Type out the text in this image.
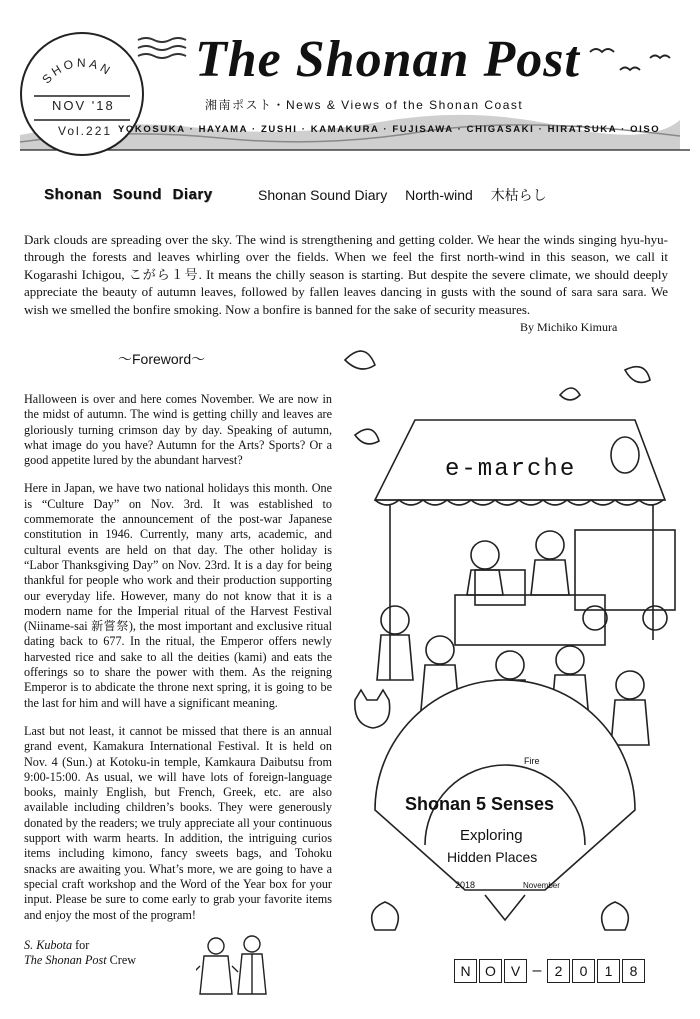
SHONAN
NOV '18
Vol.221
The Shonan Post
湘南ポスト・News & Views of the Shonan Coast
YOKOSUKA · HAYAMA · ZUSHI · KAMAKURA · FUJISAWA · CHIGASAKI · HIRATSUKA · OISO
Shonan Sound Diary	Shonan Sound Diary North-wind 木枯らし
Dark clouds are spreading over the sky. The wind is strengthening and getting colder. We hear the winds singing hyu-hyu- through the forests and leaves whirling over the fields. When we feel the first north-wind in this season, we call it Kogarashi Ichigou, こがら１号. It means the chilly season is starting. But despite the severe climate, we should deeply appreciate the beauty of autumn leaves, followed by fallen leaves dancing in gusts with the sound of sara sara sara. We wish we smelled the bonfire smoking. Now a bonfire is banned for the sake of security measures.
By Michiko Kimura
～Foreword～

Halloween is over and here comes November. We are now in the midst of autumn. The wind is getting chilly and leaves are gloriously turning crimson day by day. Speaking of autumn, what image do you have? Autumn for the Arts? Sports? Or a good appetite lured by the abundant harvest?

Here in Japan, we have two national holidays this month. One is “Culture Day” on Nov. 3rd. It was established to commemorate the announcement of the post-war Japanese constitution in 1946. Currently, many arts, academic, and cultural events are held on that day. The other holiday is “Labor Thanksgiving Day” on Nov. 23rd. It is a day for being thankful for people who work and their production supporting our everyday life. However, many do not know that it is a modern name for the Imperial ritual of the Harvest Festival (Niiname-sai 新嘗祭), the most important and exclusive ritual dating back to 677. In the ritual, the Emperor offers newly harvested rice and sake to all the deities (kami) and eats the offerings so to share the power with them. As the reigning Emperor is to abdicate the throne next spring, it is going to be the last for him and will have a significant meaning.

Last but not least, it cannot be missed that there is an annual grand event, Kamakura International Festival. It is held on Nov. 4 (Sun.) at Kotoku-in temple, Kamkaura Daibutsu from 9:00-15:00. As usual, we will have lots of foreign-language books, mainly English, but French, Greek, etc. are also available including children’s books. They were generously donated by the readers; we truly appreciate all your continuous support with warm hearts. In addition, the intriguing curios items including kimono, fancy sweets bags, and Tohoku snacks are awaiting you. What’s more, we are going to have a special craft workshop and the Word of the Year box for your input. Please be sure to come early to grab your favorite items and enjoy the most of the program!

S. Kubota for
The Shonan Post Crew
e-marche
Shonan 5 Senses
Fire
Exploring
Hidden Places
2018	November
N	O	V – 2	0	1	8
